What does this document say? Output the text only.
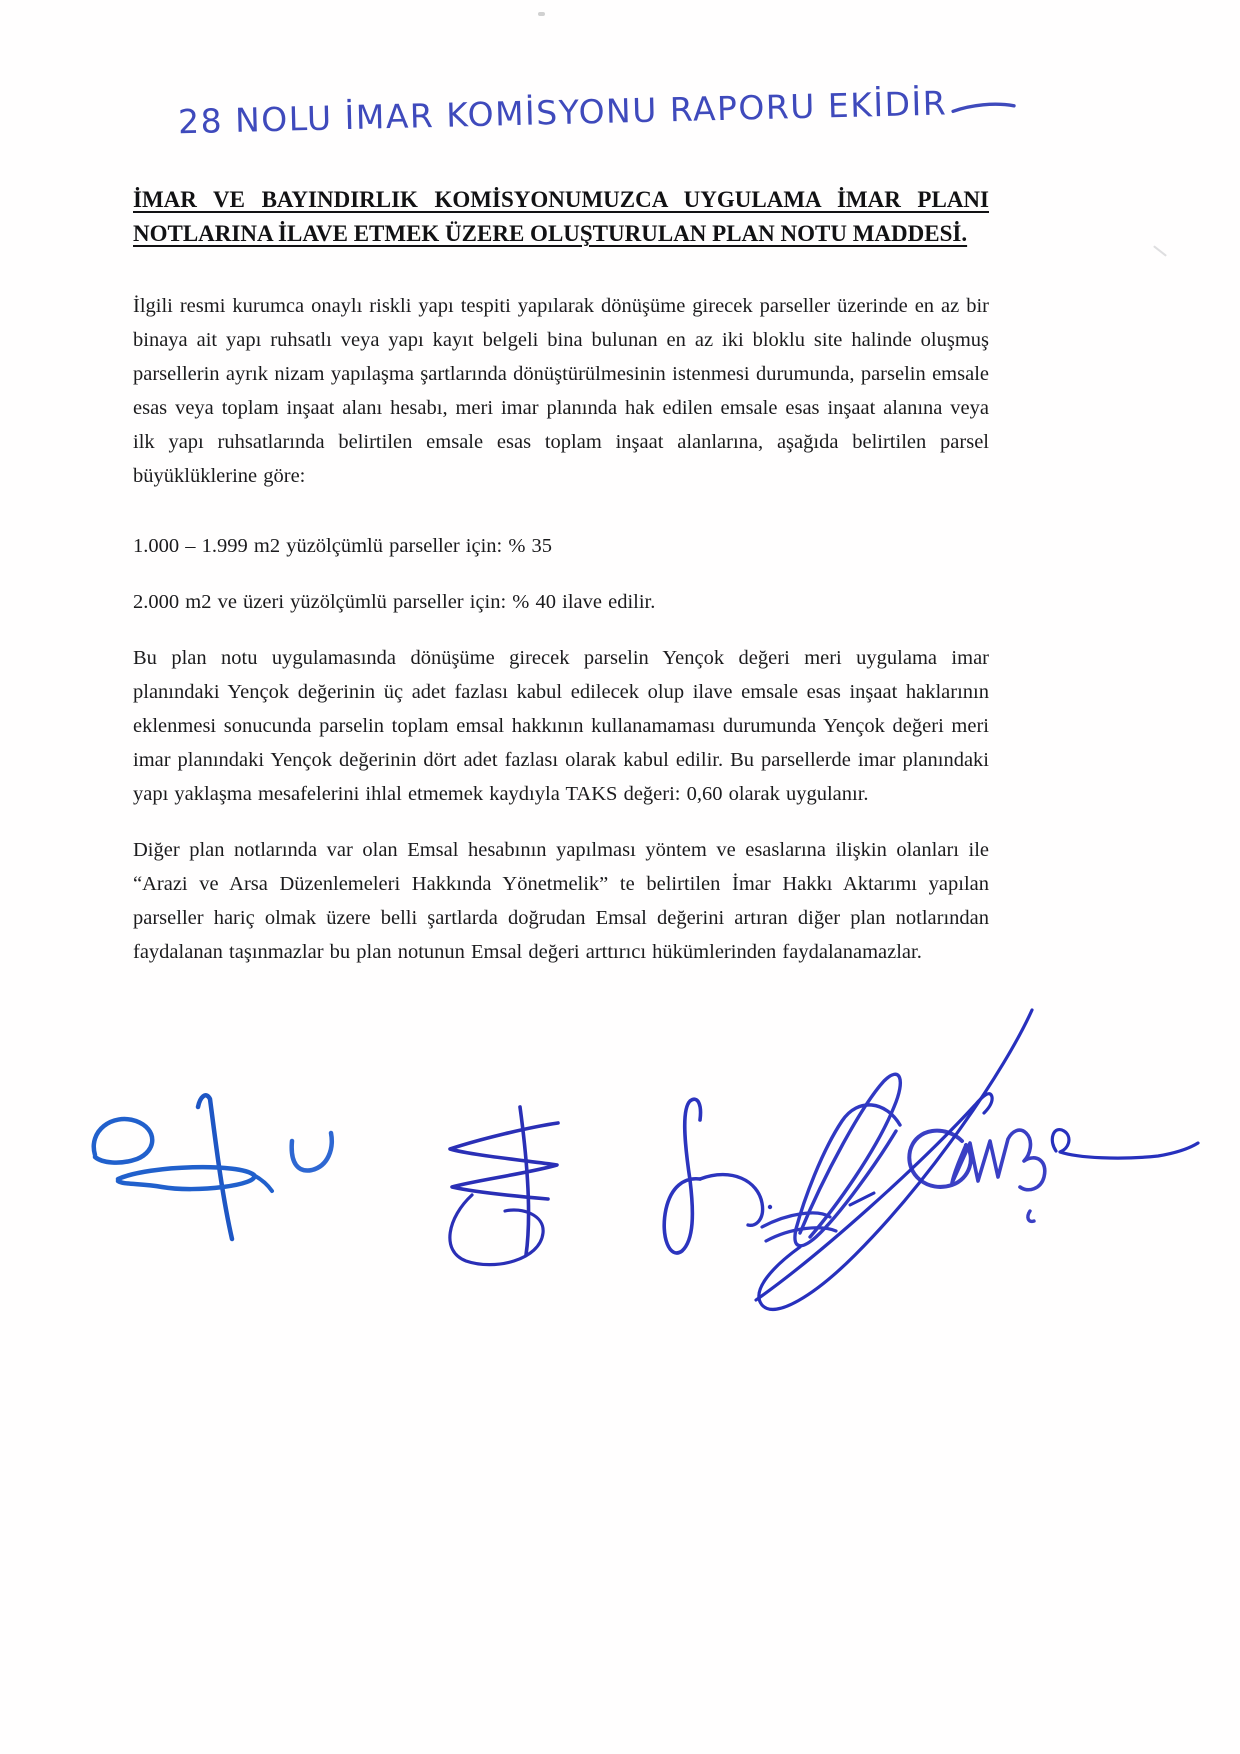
28 NOLU İMAR KOMİSYONU RAPORU EKİDİR
İMAR VE BAYINDIRLIK KOMİSYONUMUZCA UYGULAMA İMAR PLANI
NOTLARINA İLAVE ETMEK ÜZERE OLUŞTURULAN PLAN NOTU MADDESİ.

İlgili resmi kurumca onaylı riskli yapı tespiti yapılarak dönüşüme girecek parseller üzerinde en az bir binaya ait yapı ruhsatlı veya yapı kayıt belgeli bina bulunan en az iki bloklu site halinde oluşmuş parsellerin ayrık nizam yapılaşma şartlarında dönüştürülmesinin istenmesi durumunda, parselin emsale esas veya toplam inşaat alanı hesabı, meri imar planında hak edilen emsale esas inşaat alanına veya ilk yapı ruhsatlarında belirtilen emsale esas toplam inşaat alanlarına, aşağıda belirtilen parsel büyüklüklerine göre:

1.000 – 1.999 m2 yüzölçümlü parseller için: % 35

2.000 m2 ve üzeri yüzölçümlü parseller için: % 40 ilave edilir.

Bu plan notu uygulamasında dönüşüme girecek parselin Yençok değeri meri uygulama imar planındaki Yençok değerinin üç adet fazlası kabul edilecek olup ilave emsale esas inşaat haklarının eklenmesi sonucunda parselin toplam emsal hakkının kullanamaması durumunda Yençok değeri meri imar planındaki Yençok değerinin dört adet fazlası olarak kabul edilir. Bu parsellerde imar planındaki yapı yaklaşma mesafelerini ihlal etmemek kaydıyla TAKS değeri: 0,60 olarak uygulanır.

Diğer plan notlarında var olan Emsal hesabının yapılması yöntem ve esaslarına ilişkin olanları ile “Arazi ve Arsa Düzenlemeleri Hakkında Yönetmelik” te belirtilen İmar Hakkı Aktarımı yapılan parseller hariç olmak üzere belli şartlarda doğrudan Emsal değerini artıran diğer plan notlarından faydalanan taşınmazlar bu plan notunun Emsal değeri arttırıcı hükümlerinden faydalanamazlar.
